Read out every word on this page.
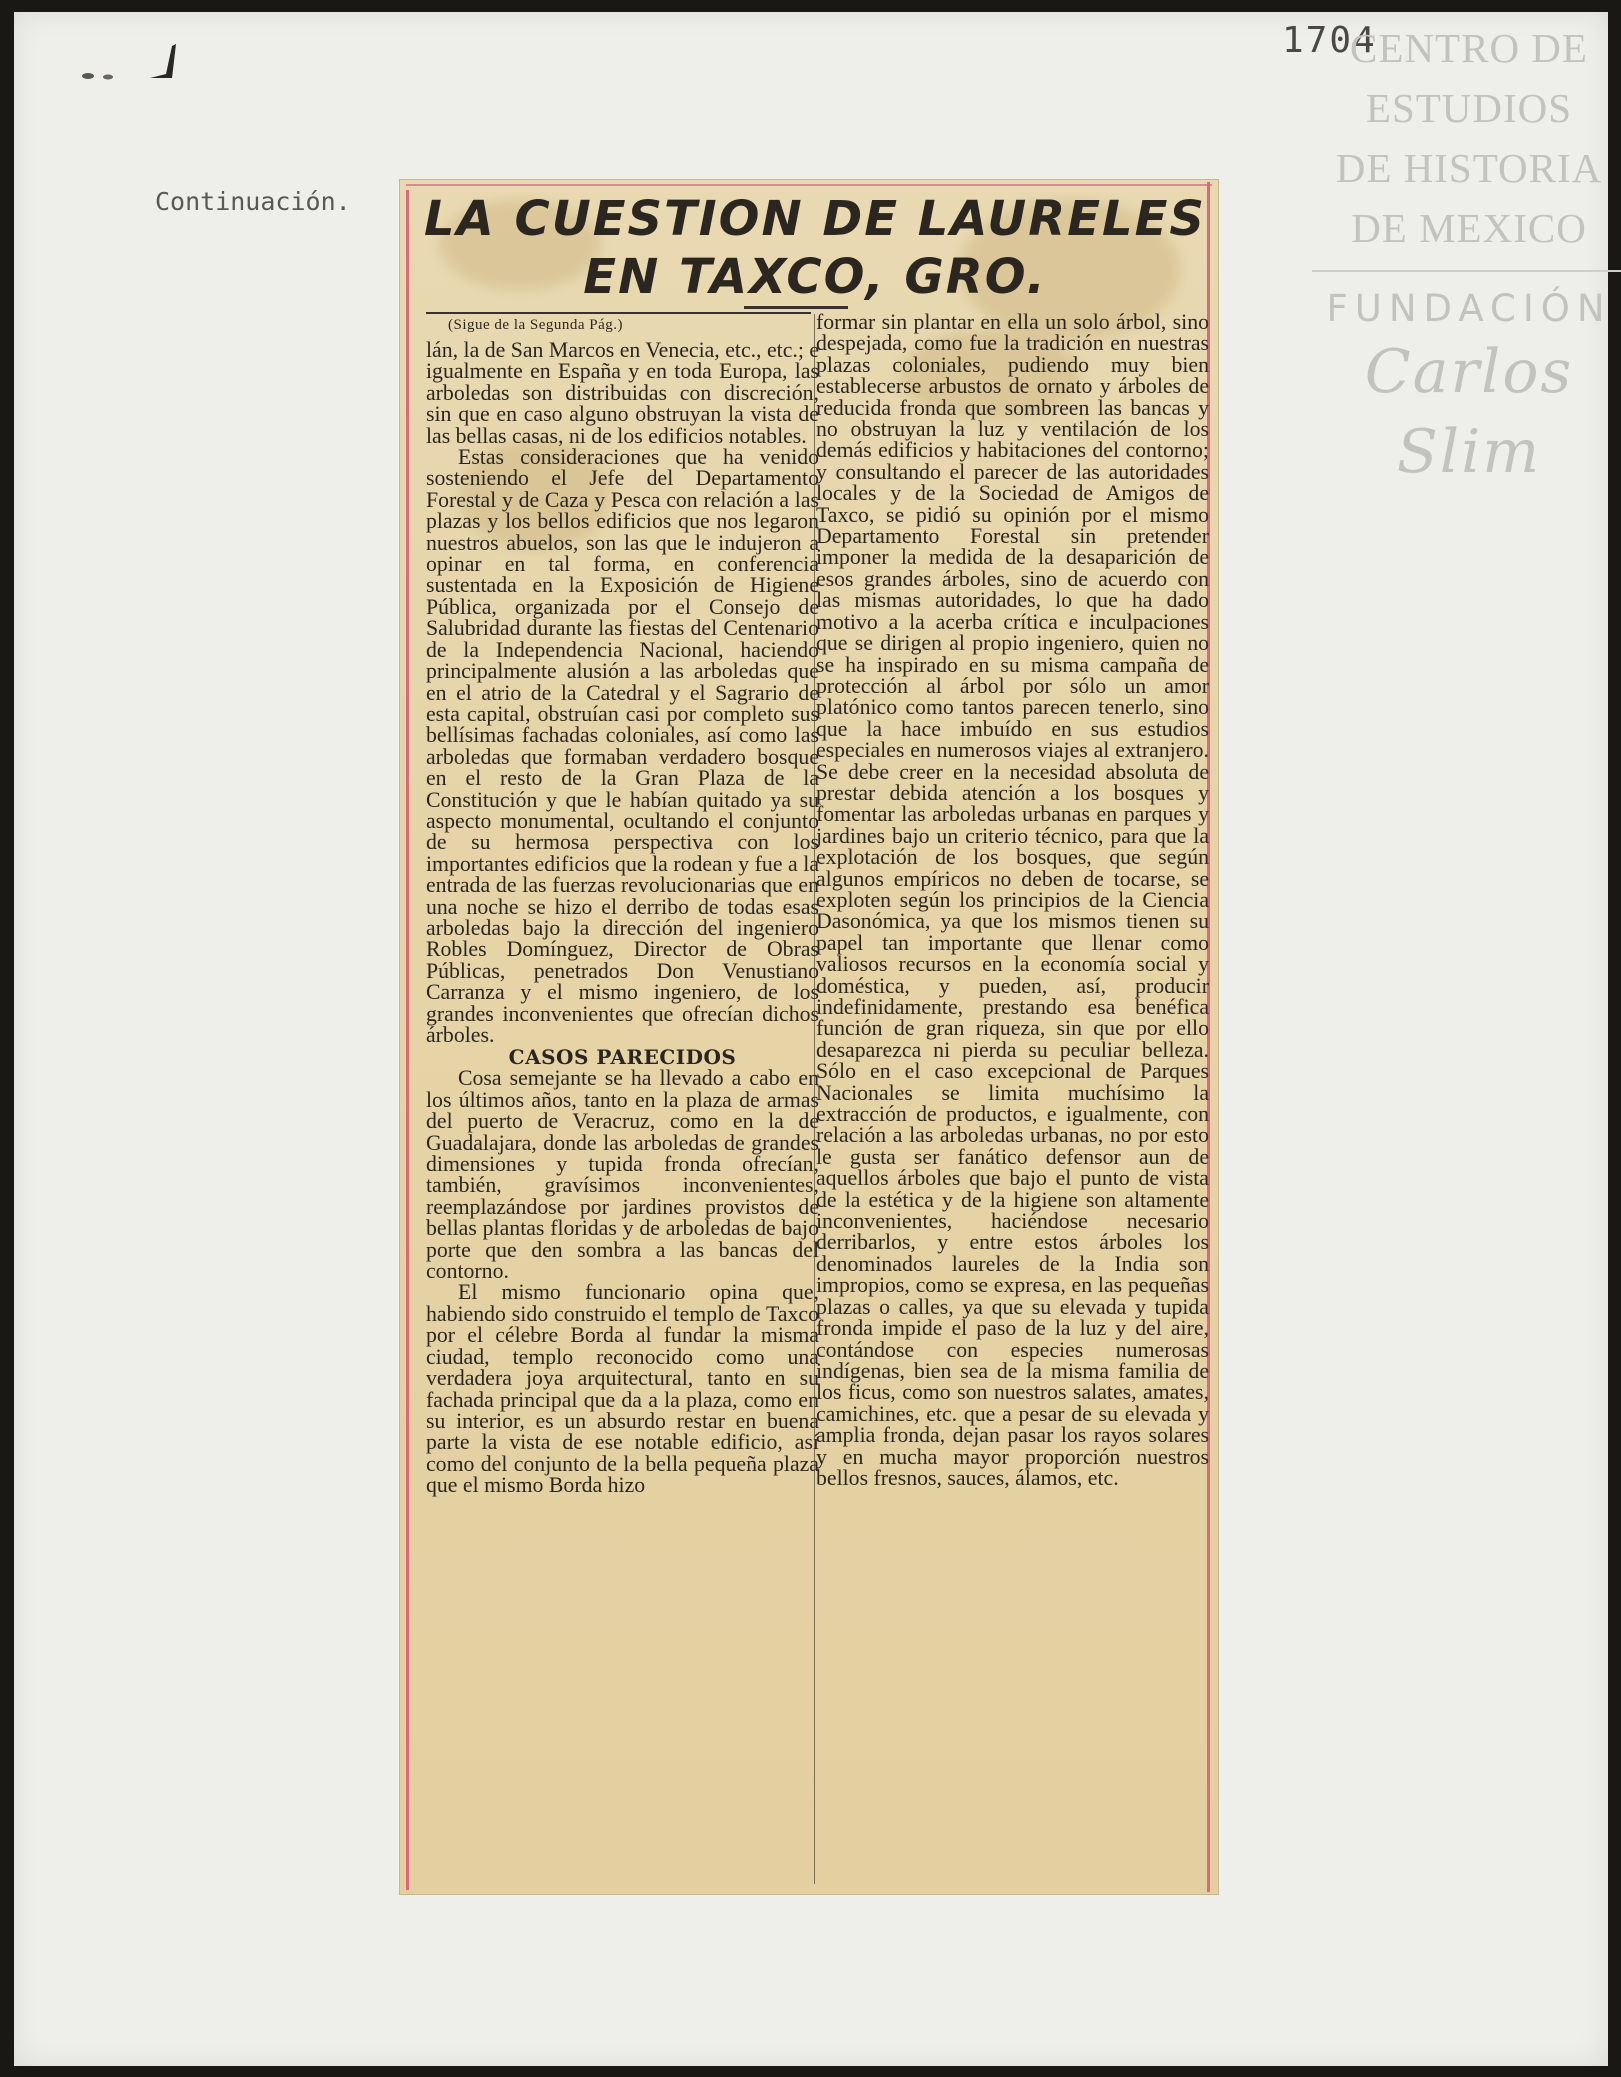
1704
CENTRO DE
ESTUDIOS
DE HISTORIA
DE MEXICO
FUNDACIÓN
Carlos Slim
Continuación. LA CUESTION DE LAURELES
EN TAXCO, GRO.
(Sigue de la Segunda Pág.)

lán, la de San Marcos en Venecia, etc., etc.; e igualmente en España y en toda Europa, las arboledas son distribuidas con discreción, sin que en caso alguno obstruyan la vista de las bellas casas, ni de los edificios notables.

Estas consideraciones que ha venido sosteniendo el Jefe del Departamento Forestal y de Caza y Pesca con relación a las plazas y los bellos edificios que nos legaron nuestros abuelos, son las que le indujeron a opinar en tal forma, en conferencia sustentada en la Exposición de Higiene Pública, organizada por el Consejo de Salubridad durante las fiestas del Centenario de la Independencia Nacional, haciendo principalmente alusión a las arboledas que en el atrio de la Catedral y el Sagrario de esta capital, obstruían casi por completo sus bellísimas fachadas coloniales, así como las arboledas que formaban verdadero bosque en el resto de la Gran Plaza de la Constitución y que le habían quitado ya su aspecto monumental, ocultando el conjunto de su hermosa perspectiva con los importantes edificios que la rodean y fue a la entrada de las fuerzas revolucionarias que en una noche se hizo el derribo de todas esas arboledas bajo la dirección del ingeniero Robles Domínguez, Director de Obras Públicas, penetrados Don Venustiano Carranza y el mismo ingeniero, de los grandes inconvenientes que ofrecían dichos árboles.

CASOS PARECIDOS

Cosa semejante se ha llevado a cabo en los últimos años, tanto en la plaza de armas del puerto de Veracruz, como en la de Guadalajara, donde las arboledas de grandes dimensiones y tupida fronda ofrecían, también, gravísimos inconvenientes, reemplazándose por jardines provistos de bellas plantas floridas y de arboledas de bajo porte que den sombra a las bancas del contorno.

El mismo funcionario opina que, habiendo sido construido el templo de Taxco por el célebre Borda al fundar la misma ciudad, templo reconocido como una verdadera joya arquitectural, tanto en su fachada principal que da a la plaza, como en su interior, es un absurdo restar en buena parte la vista de ese notable edificio, así como del conjunto de la bella pequeña plaza que el mismo Borda hizo

formar sin plantar en ella un solo árbol, sino despejada, como fue la tradición en nuestras plazas coloniales, pudiendo muy bien establecerse arbustos de ornato y árboles de reducida fronda que sombreen las bancas y no obstruyan la luz y ventilación de los demás edificios y habitaciones del contorno; y consultando el parecer de las autoridades locales y de la Sociedad de Amigos de Taxco, se pidió su opinión por el mismo Departamento Forestal sin pretender imponer la medida de la desaparición de esos grandes árboles, sino de acuerdo con las mismas autoridades, lo que ha dado motivo a la acerba crítica e inculpaciones que se dirigen al propio ingeniero, quien no se ha inspirado en su misma campaña de protección al árbol por sólo un amor platónico como tantos parecen tenerlo, sino que la hace imbuído en sus estudios especiales en numerosos viajes al extranjero. Se debe creer en la necesidad absoluta de prestar debida atención a los bosques y fomentar las arboledas urbanas en parques y jardines bajo un criterio técnico, para que la explotación de los bosques, que según algunos empíricos no deben de tocarse, se exploten según los principios de la Ciencia Dasonómica, ya que los mismos tienen su papel tan importante que llenar como valiosos recursos en la economía social y doméstica, y pueden, así, producir indefinidamente, prestando esa benéfica función de gran riqueza, sin que por ello desaparezca ni pierda su peculiar belleza. Sólo en el caso excepcional de Parques Nacionales se limita muchísimo la extracción de productos, e igualmente, con relación a las arboledas urbanas, no por esto le gusta ser fanático defensor aun de aquellos árboles que bajo el punto de vista de la estética y de la higiene son altamente inconvenientes, haciéndose necesario derribarlos, y entre estos árboles los denominados laureles de la India son impropios, como se expresa, en las pequeñas plazas o calles, ya que su elevada y tupida fronda impide el paso de la luz y del aire, contándose con especies numerosas indígenas, bien sea de la misma familia de los ficus, como son nuestros salates, amates, camichines, etc. que a pesar de su elevada y amplia fronda, dejan pasar los rayos solares y en mucha mayor proporción nuestros bellos fresnos, sauces, álamos, etc.
